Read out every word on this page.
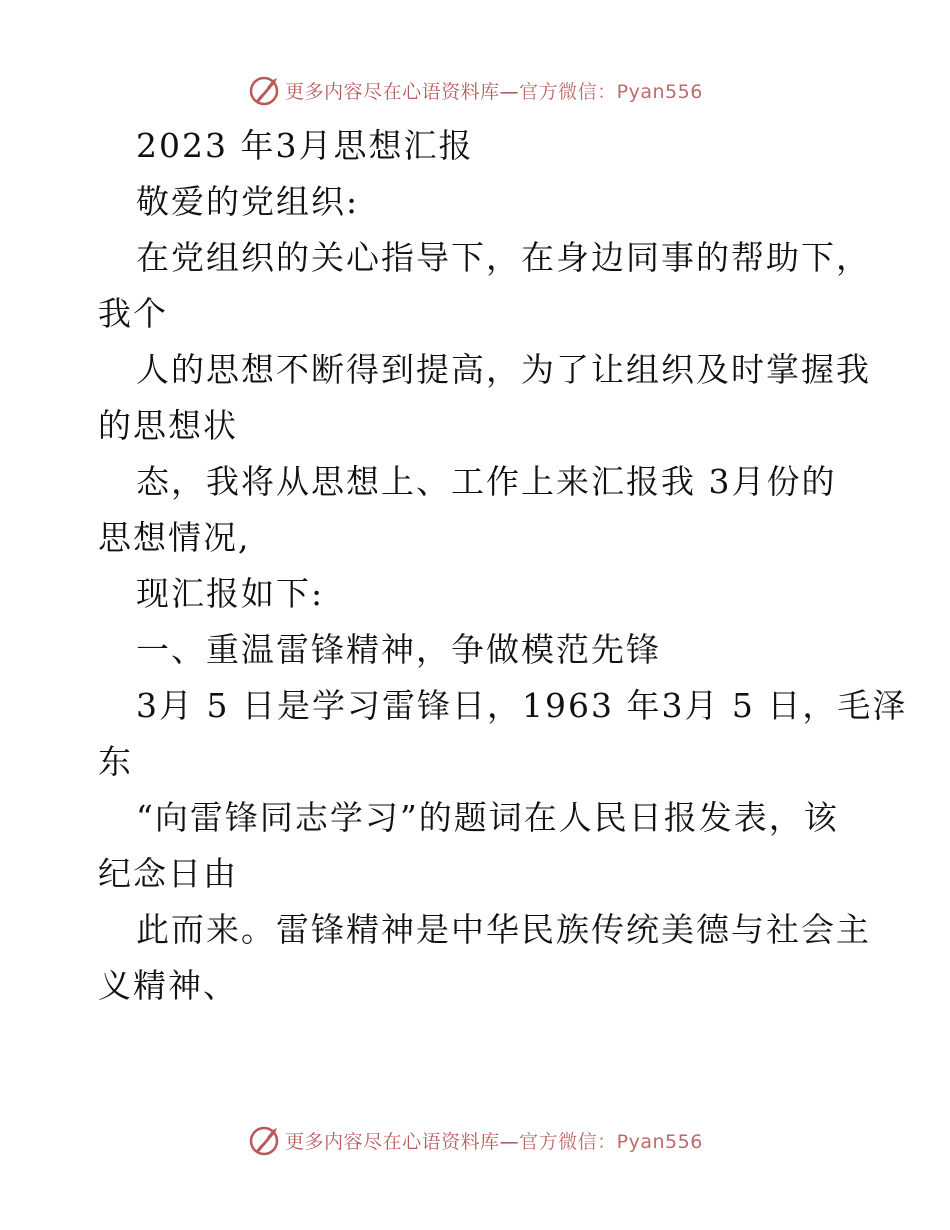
更多内容尽在心语资料库—官方微信：Pyan556
2023 年3月思想汇报
敬爱的党组织:
在党组织的关心指导下，在身边同事的帮助下，
我个
人的思想不断得到提高，为了让组织及时掌握我
的思想状
态，我将从思想上、工作上来汇报我 3月份的
思想情况,
现汇报如下:
一、重温雷锋精神，争做模范先锋
3月 5 日是学习雷锋日，1963 年3月 5 日，毛泽
东
“向雷锋同志学习”的题词在人民日报发表，该
纪念日由
此而来。雷锋精神是中华民族传统美德与社会主
义精神、
更多内容尽在心语资料库—官方微信：Pyan556
